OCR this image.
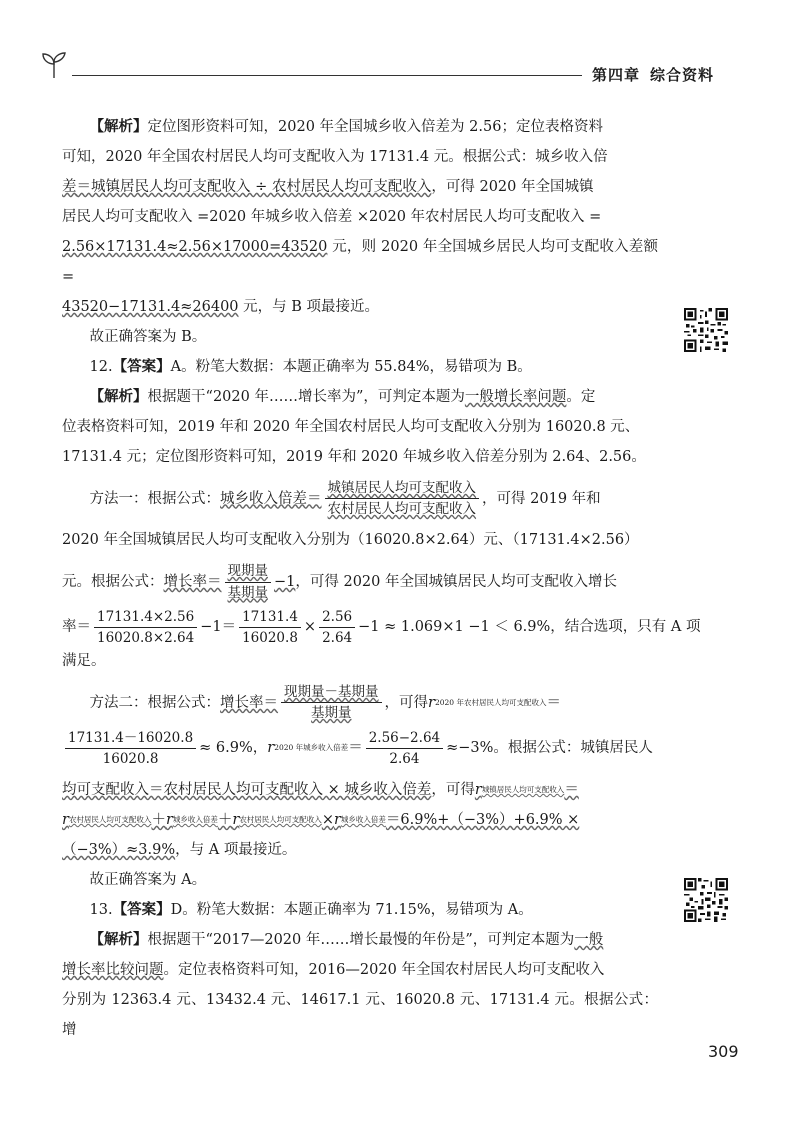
第四章 综合资料

【解析】定位图形资料可知，2020 年全国城乡收入倍差为 2.56；定位表格资料

可知，2020 年全国农村居民人均可支配收入为 17131.4 元。根据公式：城乡收入倍

差＝城镇居民人均可支配收入 ÷ 农村居民人均可支配收入，可得 2020 年全国城镇

居民人均可支配收入 =2020 年城乡收入倍差 ×2020 年农村居民人均可支配收入 =

2.56×17131.4≈2.56×17000=43520 元，则 2020 年全国城乡居民人均可支配收入差额 =

43520−17131.4≈26400 元，与 B 项最接近。

故正确答案为 B。

12.【答案】A。粉笔大数据：本题正确率为 55.84%，易错项为 B。

【解析】根据题干“2020 年……增长率为”，可判定本题为一般增长率问题。定

位表格资料可知，2019 年和 2020 年全国农村居民人均可支配收入分别为 16020.8 元、

17131.4 元；定位图形资料可知，2019 年和 2020 年城乡收入倍差分别为 2.64、2.56。

方法一：根据公式： 城乡收入倍差＝ $\frac{\text{城镇居民人均可支配收入}}{\text{农村居民人均可支配收入}}$ ，可得 2019 年和

2020 年全国城镇居民人均可支配收入分别为（16020.8×2.64）元、（17131.4×2.56）

元。根据公式： 增长率＝ $\frac{\text{现期量}}{\text{基期量}} -1$ ，可得 2020 年全国城镇居民人均可支配收入增长
率＝ $\frac{17131.4\times 2.56}{16020.8\times 2.64} -1= \frac{17131.4}{16020.8} \times \frac{2.56}{2.64} -1 \approx 1.069\times 1 -1 < 6.9\%$，结合选项，只有 A 项

满足。

方法二：根据公式： 增长率＝ $\frac{\text{现期量－基期量}}{\text{基期量}}$ ，可得 r 2020 年农村居民人均可支配收入 ＝
$\frac{17131.4-16020.8}{16020.8} \approx 6.9\%$， r 2020 年城乡收入倍差 ＝ $\frac{2.56-2.64}{2.64} \approx-3\%$。根据公式：城镇居民人
均可支配收入＝农村居民人均可支配收入 × 城乡收入倍差 ，可得 r 城镇居民人均可支配收入 ＝
r 农村居民人均可支配收入 ＋ r 城乡收入倍差 ＋ r 农村居民人均可支配收入 × r 城乡收入倍差 ＝6.9%+（−3%）+6.9% ×

（−3%）≈3.9%，与 A 项最接近。

故正确答案为 A。

13.【答案】D。粉笔大数据：本题正确率为 71.15%，易错项为 A。

【解析】根据题干“2017—2020 年……增长最慢的年份是”，可判定本题为一般

增长率比较问题。定位表格资料可知，2016—2020 年全国农村居民人均可支配收入

分别为 12363.4 元、13432.4 元、14617.1 元、16020.8 元、17131.4 元。根据公式：增

309
